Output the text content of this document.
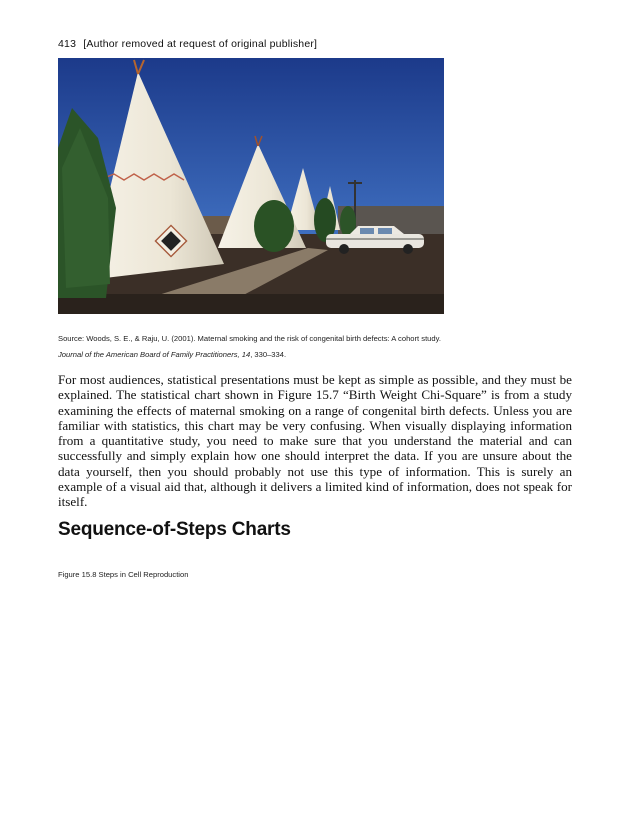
413 [Author removed at request of original publisher]
Source: Woods, S. E., & Raju, U. (2001). Maternal smoking and the risk of congenital birth defects: A cohort study. Journal of the American Board of Family Practitioners, 14, 330–334.
For most audiences, statistical presentations must be kept as simple as possible, and they must be explained. The statistical chart shown in Figure 15.7 “Birth Weight Chi-Square” is from a study examining the effects of maternal smoking on a range of congenital birth defects. Unless you are familiar with statistics, this chart may be very confusing. When visually displaying information from a quantitative study, you need to make sure that you understand the material and can successfully and simply explain how one should interpret the data. If you are unsure about the data yourself, then you should probably not use this type of information. This is surely an example of a visual aid that, although it delivers a limited kind of information, does not speak for itself.
Sequence-of-Steps Charts
Figure 15.8 Steps in Cell Reproduction
